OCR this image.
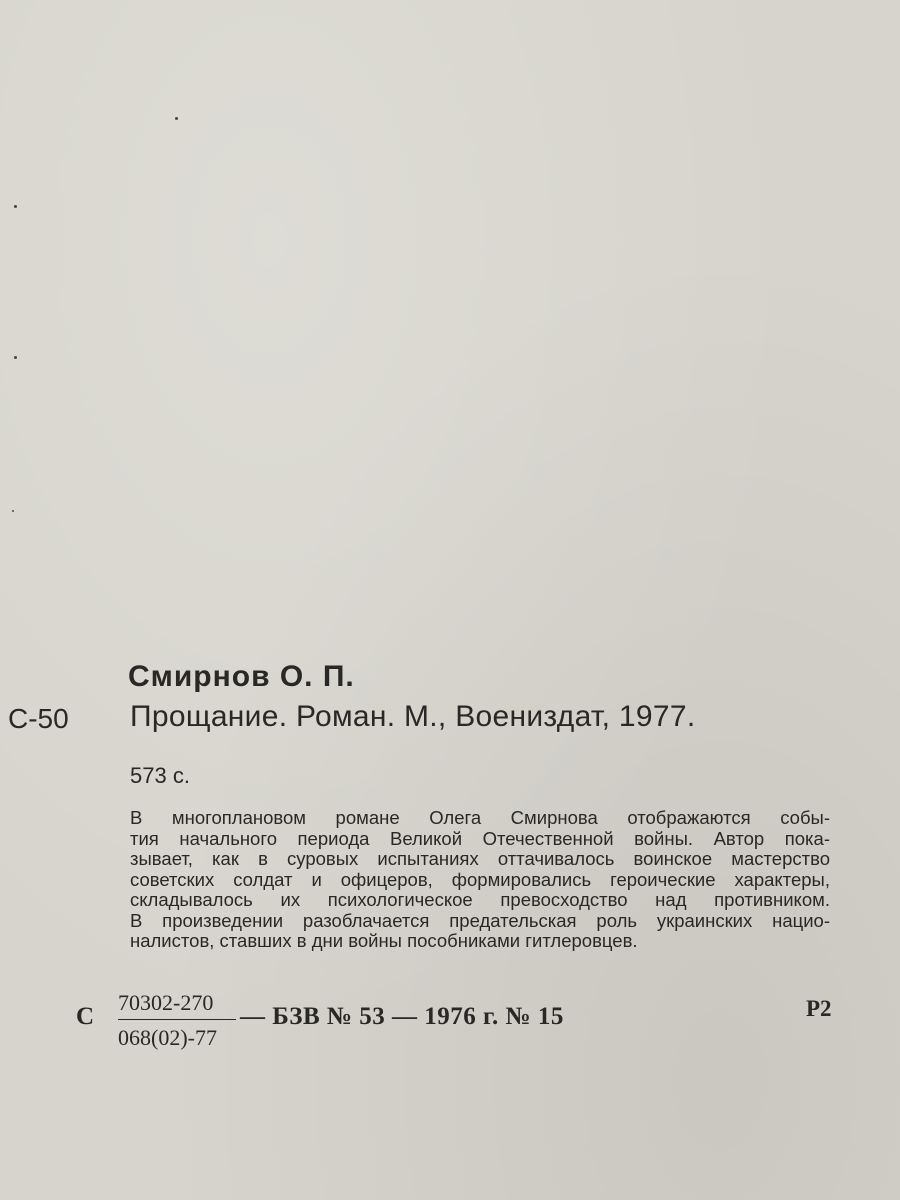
Смирнов О. П.
С-50 Прощание. Роман. М., Воениздат, 1977.
573 с.
В многоплановом романе Олега Смирнова отображаются собы-
тия начального периода Великой Отечественной войны. Автор пока-
зывает, как в суровых испытаниях оттачивалось воинское мастерство
советских солдат и офицеров, формировались героические характеры,
складывалось их психологическое превосходство над противником.
В произведении разоблачается предательская роль украинских нацио-
налистов, ставших в дни войны пособниками гитлеровцев.
С
70302-270
068(02)-77
— БЗВ № 53 — 1976 г. № 15	Р2
